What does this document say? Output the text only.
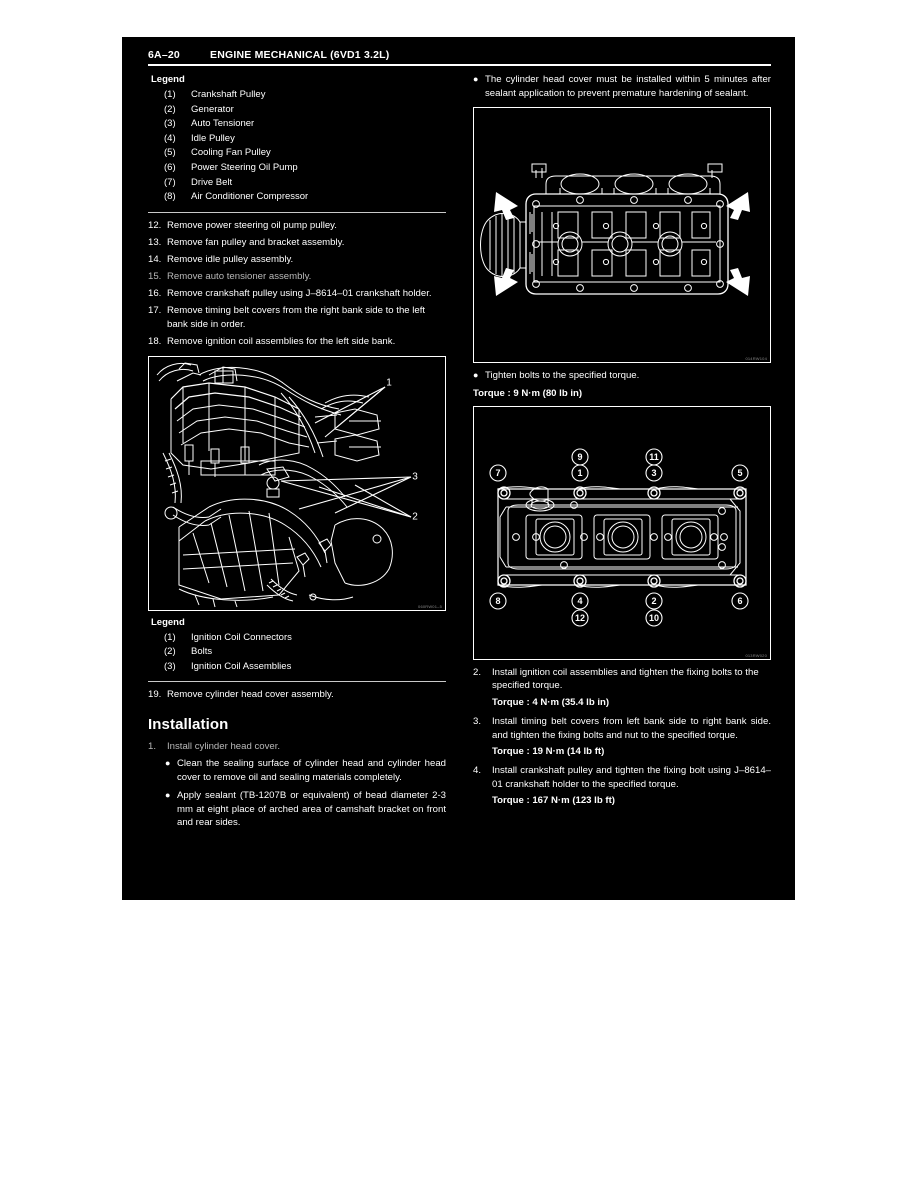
6A–20	ENGINE MECHANICAL (6VD1 3.2L)
Legend
(1)	Crankshaft Pulley
(2)	Generator
(3)	Auto Tensioner
(4)	Idle Pulley
(5)	Cooling Fan Pulley
(6)	Power Steering Oil Pump
(7)	Drive Belt
(8)	Air Conditioner Compressor
12. Remove power steering oil pump pulley.
13. Remove fan pulley and bracket assembly.
14. Remove idle pulley assembly.
15. Remove auto tensioner assembly.
16. Remove crankshaft pulley using J–8614–01 crankshaft holder.
17. Remove timing belt covers from the right bank side to the left bank side in order.
18. Remove ignition coil assemblies for the left side bank.
1
3
2
060RW01–5
Legend
(1)	Ignition Coil Connectors
(2)	Bolts
(3)	Ignition Coil Assemblies
19. Remove cylinder head cover assembly.
Installation
1.	Install cylinder head cover.
● Clean the sealing surface of cylinder head and cylinder head cover to remove oil and sealing materials completely.
● Apply sealant (TB-1207B or equivalent) of bead diameter 2-3 mm at eight place of arched area of camshaft bracket on front and rear sides.
● The cylinder head cover must be installed within 5 minutes after sealant application to prevent premature hardening of sealant.
014RW104
● Tighten bolts to the specified torque.
Torque : 9 N·m (80 lb in)
7	5
9
1
11
3
8	6
4
12
2
10
013RW020
2.	Install ignition coil assemblies and tighten the fixing bolts to the specified torque.
Torque : 4 N·m (35.4 lb in)
3.	Install timing belt covers from left bank side to right bank side. and tighten the fixing bolts and nut to the specified torque.
Torque : 19 N·m (14 lb ft)
4.	Install crankshaft pulley and tighten the fixing bolt using J–8614–01 crankshaft holder to the specified torque.
Torque : 167 N·m (123 lb ft)
